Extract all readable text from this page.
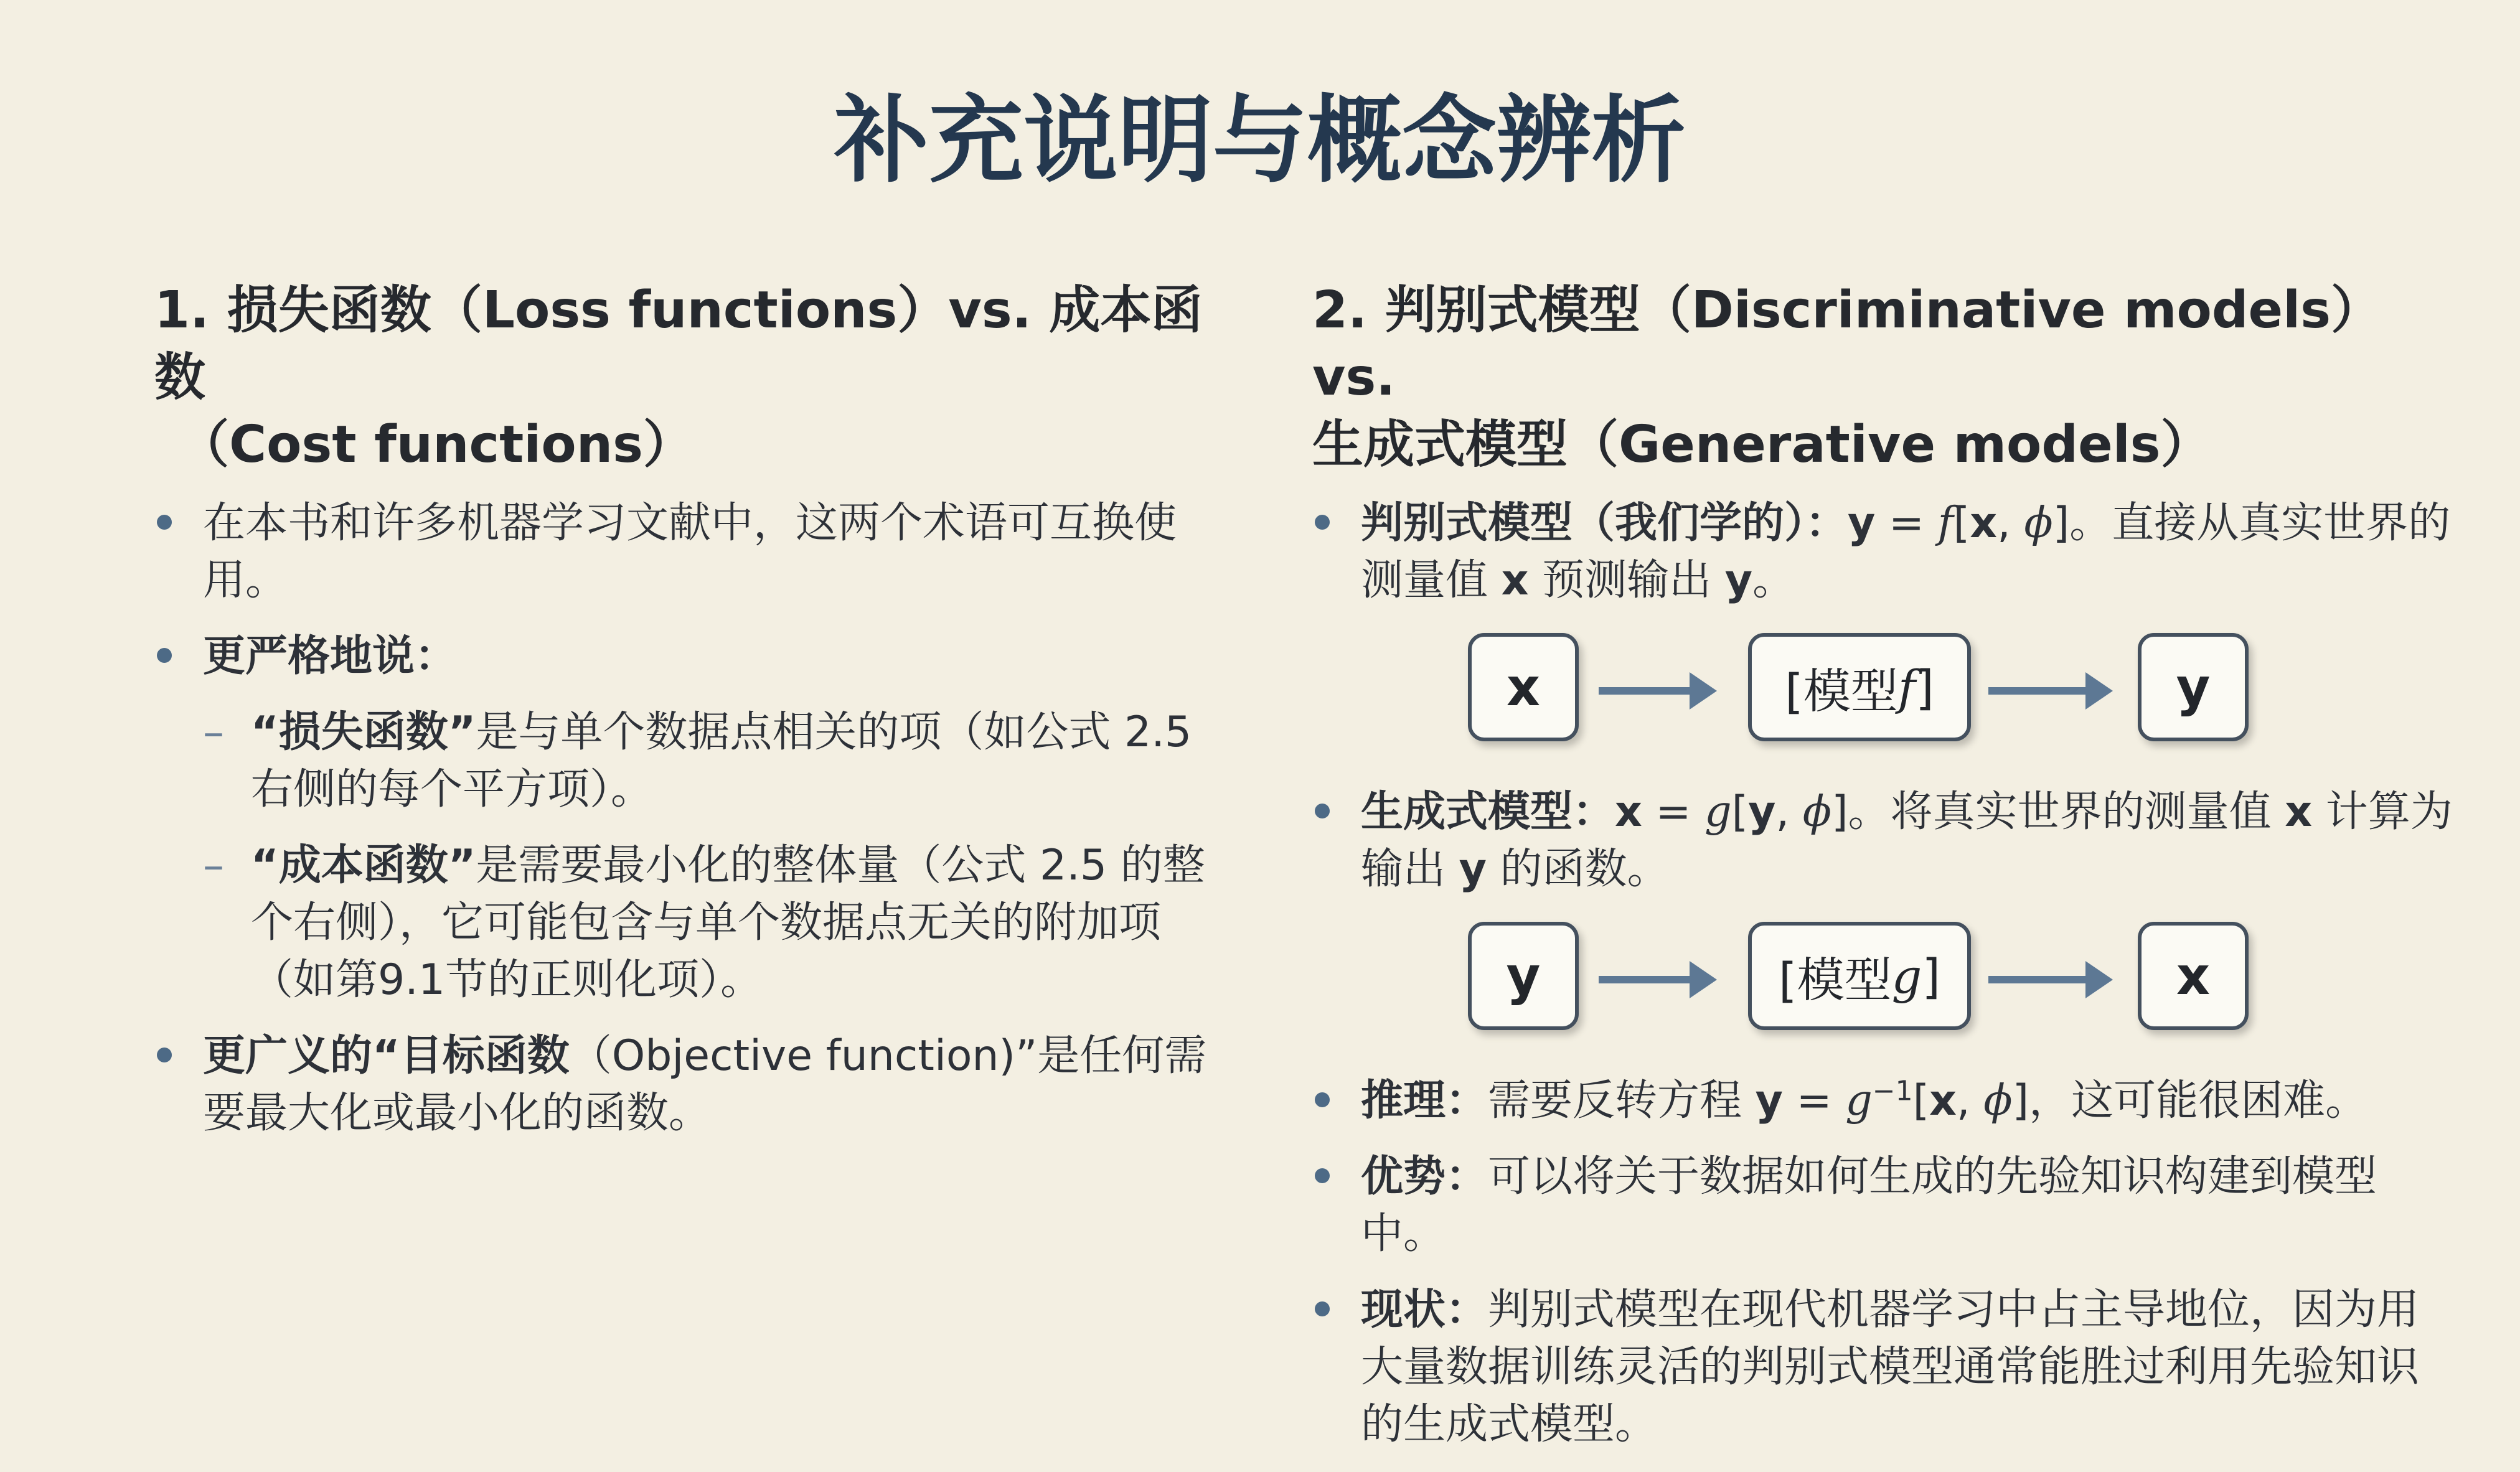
补充说明与概念辨析
1. 损失函数（Loss functions）vs. 成本函数
（Cost functions）
在本书和许多机器学习文献中，这两个术语可互换使用。
更严格地说：
– “损失函数”是与单个数据点相关的项（如公式 2.5 右侧的每个平方项）。
– “成本函数”是需要最小化的整体量（公式 2.5 的整个右侧），它可能包含与单个数据点无关的附加项（如第9.1节的正则化项）。
更广义的“目标函数（Objective function)”是任何需要最大化或最小化的函数。
2. 判别式模型（Discriminative models）vs.
生成式模型（Generative models）
判别式模型（我们学的）：y = f[x, ϕ]。直接从真实世界的测量值 x 预测输出 y。
x	[模型 f ]	y
生成式模型：x = g[y, ϕ]。将真实世界的测量值 x 计算为输出 y 的函数。
y	[模型 g ]	x
推理：需要反转方程 $y = g^{-1}[x$, ϕ]，这可能很困难。
优势：可以将关于数据如何生成的先验知识构建到模型中。
现状：判别式模型在现代机器学习中占主导地位，因为用大量数据训练灵活的判别式模型通常能胜过利用先验知识的生成式模型。
